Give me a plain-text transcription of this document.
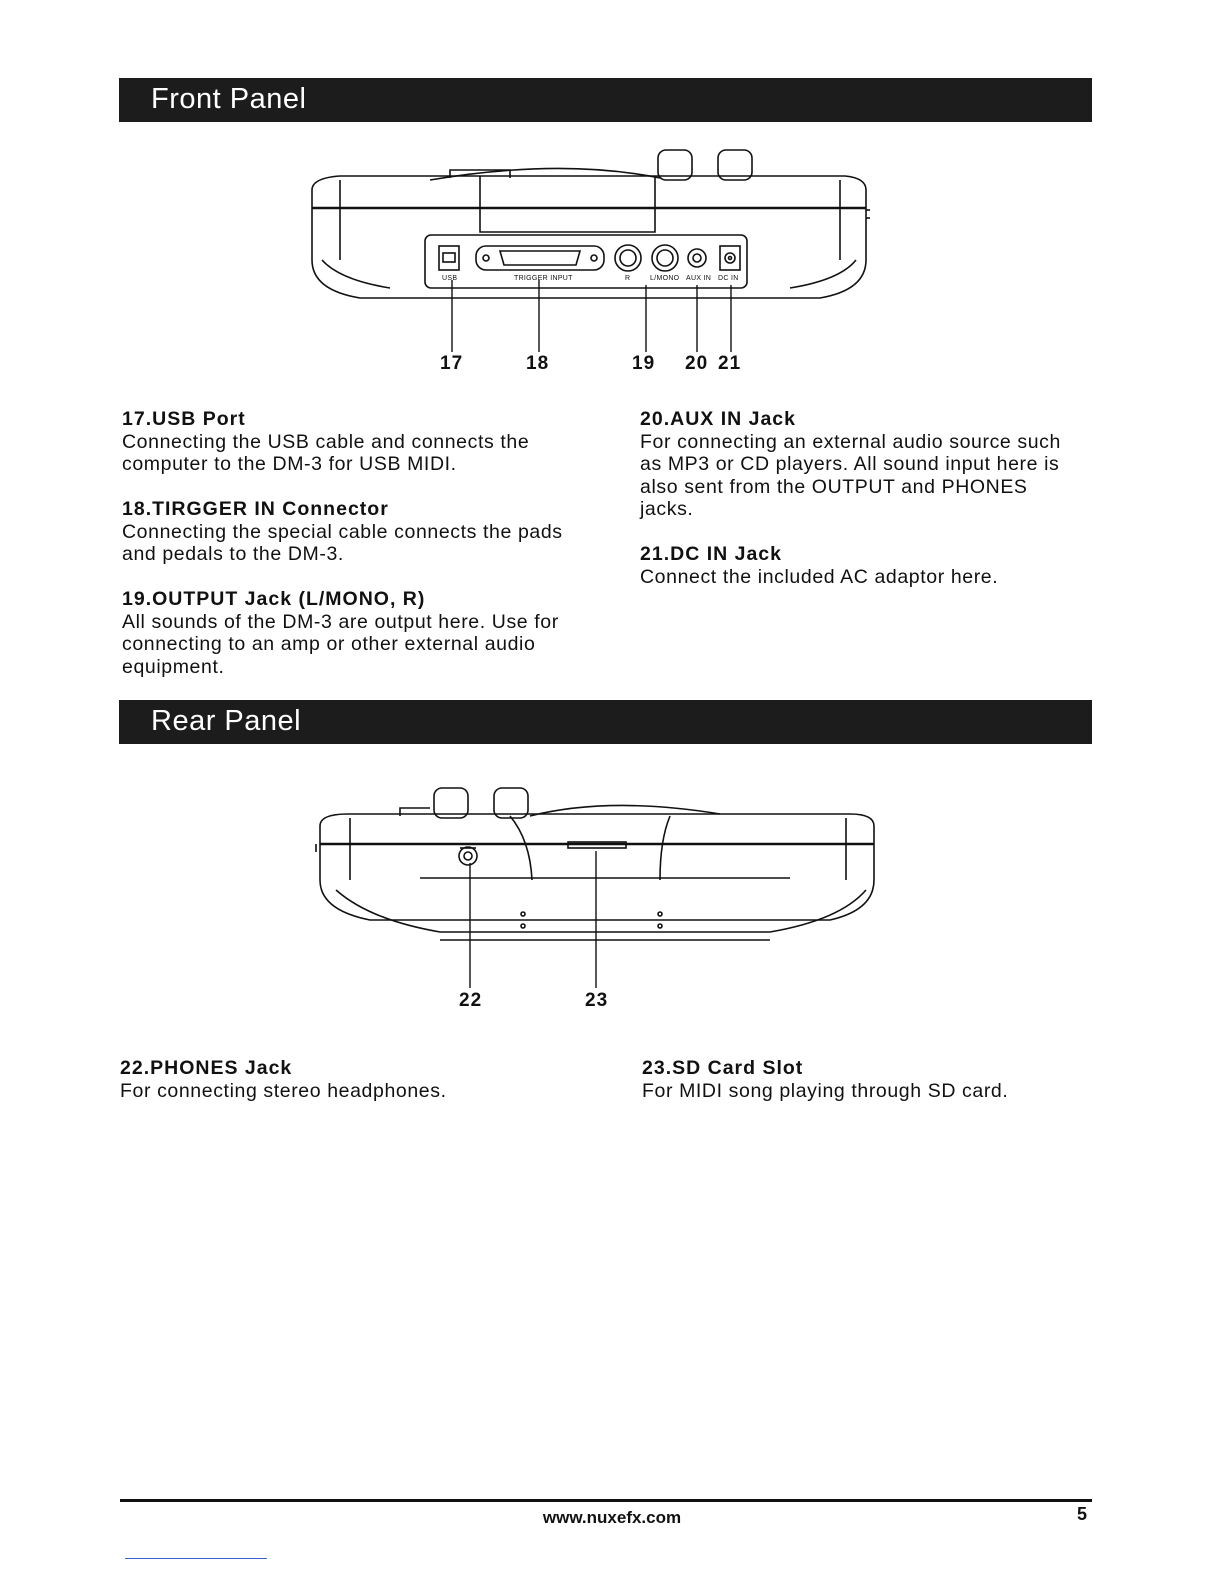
Front Panel
USB	TRIGGER INPUT	R	L/MONO AUX IN DC IN
17	18	19 20 21
17.USB Port
Connecting the USB cable and connects the
computer to the DM-3 for USB MIDI.
18.TIRGGER IN Connector
Connecting the special cable connects the pads
and pedals to the DM-3.
19.OUTPUT Jack (L/MONO, R)
All sounds of the DM-3 are output here. Use for
connecting to an amp or other external audio
equipment.
20.AUX IN Jack
For connecting an external audio source such
as MP3 or CD players. All sound input here is
also sent from the OUTPUT and PHONES
jacks.
21.DC IN Jack
Connect the included AC adaptor here.
Rear Panel
22	23
22.PHONES Jack
For connecting stereo headphones.
23.SD Card Slot
For MIDI song playing through SD card.
www.nuxefx.com	5
